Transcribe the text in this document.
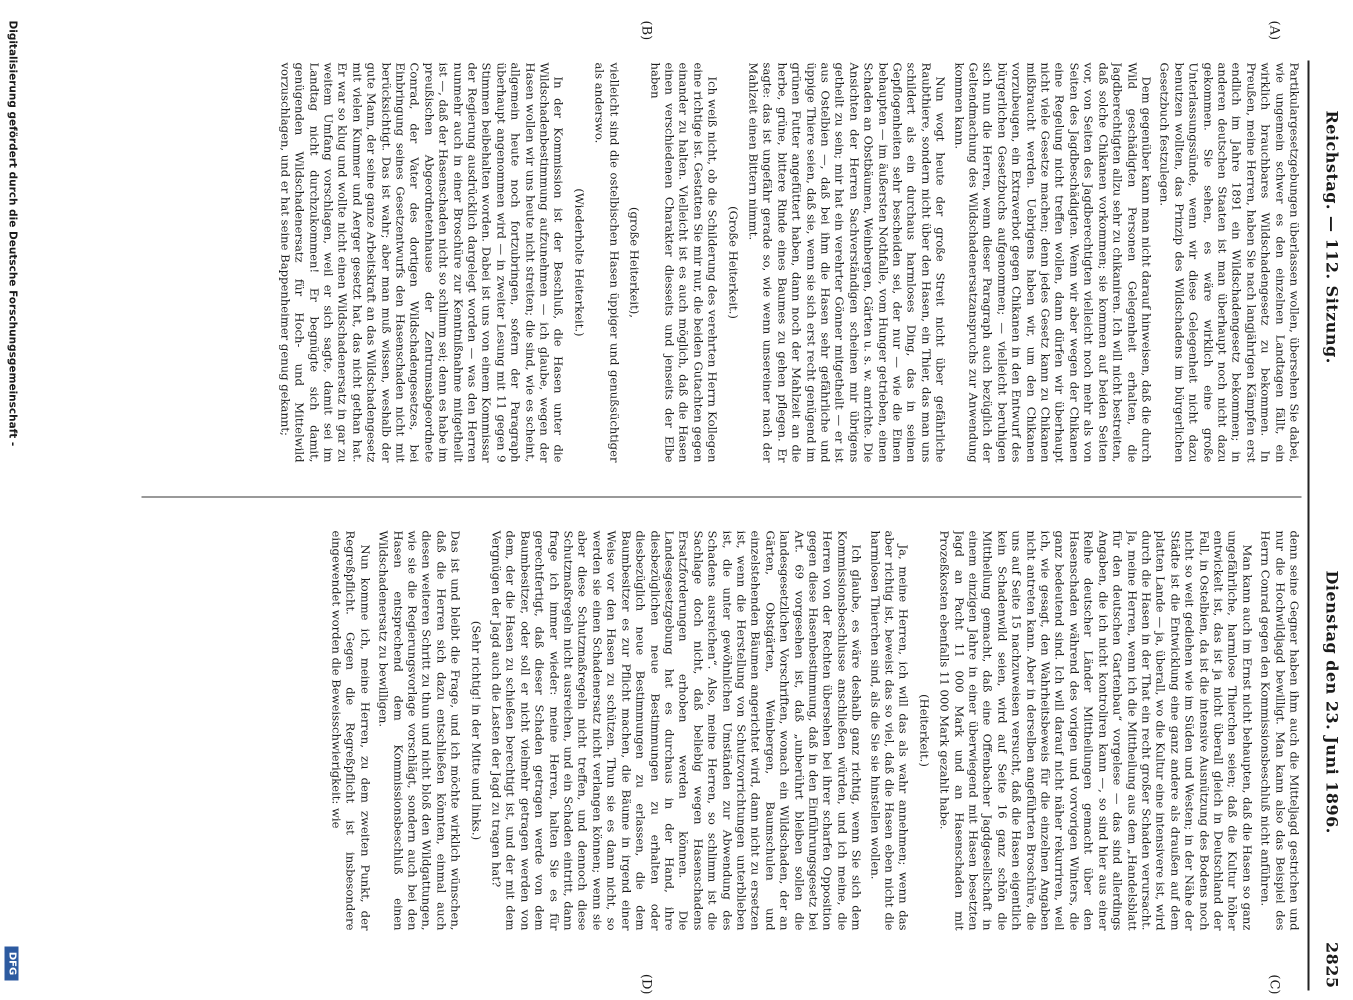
Reichstag. — 112. Sitzung.
Dienstag den 23. Juni 1896.
2825
(A)
(B)
(C)
(D)

Partikulargesetzgebungen überlassen wollen, übersehen Sie dabei, wie ungemein schwer es den einzelnen Landtagen fällt, ein wirklich brauchbares Wildschadengesetz zu bekommen. In Preußen, meine Herren, haben Sie nach langjährigen Kämpfen erst endlich im Jahre 1891 ein Wildschadengesetz bekommen; in anderen deutschen Staaten ist man überhaupt noch nicht dazu gekommen. Sie sehen, es wäre wirklich eine große Unterlassungssünde, wenn wir diese Gelegenheit nicht dazu benutzen wollten, das Prinzip des Wildschadens im bürgerlichen Gesetzbuch festzulegen.

Dem gegenüber kann man nicht darauf hinweisen, daß die durch Wild geschädigten Personen Gelegenheit erhalten, die Jagdberechtigten allzu sehr zu chikaniren. Ich will nicht bestreiten, daß solche Chikanen vorkommen; sie kommen auf beiden Seiten vor, von Seiten des Jagdberechtigten vielleicht noch mehr als von Seiten des Jagdbeschädigten. Wenn wir aber wegen der Chikanen eine Regelung nicht treffen wollen, dann dürfen wir überhaupt nicht viele Gesetze machen; denn jedes Gesetz kann zu Chikanen mißbraucht werden. Uebrigens haben wir, um den Chikanen vorzubeugen, ein Extraverbot gegen Chikanen in den Entwurf des bürgerlichen Gesetzbuchs aufgenommen; — vielleicht beruhigen sich nun die Herren, wenn dieser Paragraph auch bezüglich der Geltendmachung des Wildschadenersatzanspruchs zur Anwendung kommen kann.

Nun wogt heute der große Streit nicht über gefährliche Raubthiere, sondern nicht über den Hasen, ein Thier, das man uns schildert als ein durchaus harmloses Ding, das in seinen Gepflogenheiten sehr bescheiden sei, der nur — wie die Einen behaupten — im äußersten Nothfalle, vom Hunger getrieben, einen Schaden an Obstbäumen, Weinbergen, Gärten u. s. w. anrichte. Die Ansichten der Herren Sachverständigen scheinen mir übrigens getheilt zu sein; mir hat ein verehrter Gönner mitgetheilt — er ist aus Ostelbien —, daß bei ihm die Hasen sehr gefährliche und üppige Thiere seien, daß sie, wenn sie sich erst recht genügend im grünen Futter angefüttert haben, dann noch der Mahlzeit an die herbe, grüne, bittere Rinde eines Baumes zu gehen pflegen. Er sagte: das ist ungefähr gerade so, wie wenn unsereiner nach der Mahlzeit einen Bittern nimmt.

(Große Heiterkeit.)

Ich weiß nicht, ob die Schilderung des verehrten Herrn Kollegen eine richtige ist. Gestatten Sie mir nur, die beiden Gutachten gegen einander zu halten. Vielleicht ist es auch möglich, daß die Hasen einen verschiedenen Charakter diesseits und jenseits der Elbe haben

(große Heiterkeit),

vielleicht sind die ostelbischen Hasen üppiger und genußsüchtiger als anderswo.

(Wiederholte Heiterkeit.)

In der Kommission ist der Beschluß, die Hasen unter die Wildschadenbestimmung aufzunehmen — ich glaube, wegen der Hasen wollen wir uns heute nicht streiten; die sind, wie es scheint, allgemein heute noch fortzubringen, sofern der Paragraph überhaupt angenommen wird — in zweiter Lesung mit 11 gegen 9 Stimmen beibehalten worden. Dabei ist uns von einem Kommissar der Regierung ausdrücklich dargelegt worden — was den Herren nunmehr auch in einer Broschüre zur Kenntnißnahme mitgetheilt ist —, daß der Hasenschaden nicht so schlimm sei; denn es habe im preußischen Abgeordnetenhause der Zentrumsabgeordnete Conrad, der Vater des dortigen Wildschadengesetzes, bei Einbringung seines Gesetzentwurfs den Hasenschaden nicht mit berücksichtigt. Das ist wahr; aber man muß wissen, weshalb der gute Mann, der seine ganze Arbeitskraft an das Wildschadengesetz mit vielen Kummer und Aerger gesetzt hat, das nicht gethan hat. Er war so klug und wollte nicht einen Wildschadenersatz in gar zu weitem Umfang vorschlagen, weil er sich sagte, damit sei im Landtag nicht durchzukommen! Er begnügte sich damit, genügenden Wildschadenersatz für Hoch- und Mittelwild vorzuschlagen, und er hat seine Bappenheimer genug gekannt;

denn seine Gegner haben ihm auch die Mitteljagd gestrichen und nur die Hochwildjagd bewilligt. Man kann also das Beispiel des Herrn Conrad gegen den Kommissionsbeschluß nicht anführen.

Man kann auch im Ernst nicht behaupten, daß die Hasen so ganz ungefährliche, harmlose Thierchen seien; daß die Kultur höher entwickelt ist, das ist ja nicht überall gleich in Deutschland der Fall, in Ostelbien, da ist die intensive Ausnützung des Bodens noch nicht so weit gediehen wie im Süden und Westen; in der Nähe der Städte ist die Entwicklung eine ganz andere als draußen auf dem platten Lande — ja, überall, wo die Kultur eine intensivere ist, wird durch die Hasen in der That ein recht großer Schaden verursacht. Ja, meine Herren, wenn ich die Mittheilung aus dem „Handelsblatt für den deutschen Gartenbau“ vorgelese — das sind allerdings Angaben, die ich nicht kontroliren kann —, so sind hier aus einer Reihe deutscher Länder Mittheilungen gemacht über den Hasenschaden während des vorigen und vorvorigen Winters, die ganz bedeutend sind. Ich will darauf nicht näher rekurriren, weil ich, wie gesagt, den Wahrheitsbeweis für die einzelnen Angaben nicht antreten kann. Aber in derselben angeführten Broschüre, die uns auf Seite 15 nachzuweisen versucht, daß die Hasen eigentlich kein Schadenwild seien, wird auf Seite 16 ganz schön die Mittheilung gemacht, daß eine Offenbacher Jagdgesellschaft in einem einzigen Jahre in einer überwiegend mit Hasen besetzten Jagd an Pacht 11 000 Mark und an Hasenschaden mit Prozeßkosten ebenfalls 11 000 Mark gezahlt habe.

(Heiterkeit.)

Ja, meine Herren, ich will das als wahr annehmen; wenn das aber richtig ist, beweist das so viel, daß die Hasen eben nicht die harmlosen Thierchen sind, als die Sie sie hinstellen wollen.

Ich glaube, es wäre deshalb ganz richtig, wenn Sie sich dem Kommissionsbeschlusse anschließen würden, und ich meine, die Herren von der Rechten übersehen bei ihrer scharfen Opposition gegen diese Hasenbestimmung, daß in den Einführungsgesetz bei Art. 69 vorgesehen ist, daß „unberührt bleiben sollen die landesgesetzlichen Vorschriften, wonach ein Wildschaden, der an Gärten, Obstgärten, Weinbergen, Baumschulen und einzelstehenden Bäumen angerichtet wird, dann nicht zu ersetzen ist, wenn die Herstellung von Schutzvorrichtungen unterblieben ist, die unter gewöhnlichen Umständen zur Abwendung des Schadens ausreichen“. Also, meine Herren, so schlimm ist die Sachlage doch nicht, daß beliebig wegen Hasenschadens Ersatzforderungen erhoben werden können. Die Landesgesetzgebung hat es durchaus in der Hand, ihre diesbezüglichen neue Bestimmungen zu erhalten oder diesbezüglich neue Bestimmungen zu erlassen, die dem Baumbesitzer es zur Pflicht machen, die Bäume in irgend einer Weise vor den Hasen zu schützen. Thun sie es dann nicht, so werden sie einen Schadenersatz nicht verlangen können; wenn sie aber diese Schutzmaßregeln nicht treffen, und dennoch diese Schutzmaßregeln nicht ausreichen, und ein Schaden eintritt, dann frage ich immer wieder: meine Herren, halten Sie es für gerechtfertigt, daß dieser Schaden getragen werde von dem Baumbesitzer, oder soll er nicht vielmehr getragen werden von dem, der die Hasen zu schießen berechtigt ist, und der mit dem Vergnügen der Jagd auch die Lasten der Jagd zu tragen hat?

(Sehr richtig! in der Mitte und links.)

Das ist und bleibt die Frage, und ich möchte wirklich wünschen, daß die Herren sich dazu entschließen könnten, einmal auch diesen weiteren Schritt zu thun und nicht bloß den Wildgattungen, wie sie die Regierungsvorlage vorschlägt, sondern auch bei den Hasen entsprechend dem Kommissionsbeschluß einen Wildschadenersatz zu bewilligen.

Nun komme ich, meine Herren, zu dem zweiten Punkt, der Regreßpflicht. Gegen die Regreßpflicht ist insbesondere eingewendet worden die Beweisschwierigkeit: wie

Digitalisierung gefördert durch die Deutsche Forschungsgemeinschaft -
DFG
